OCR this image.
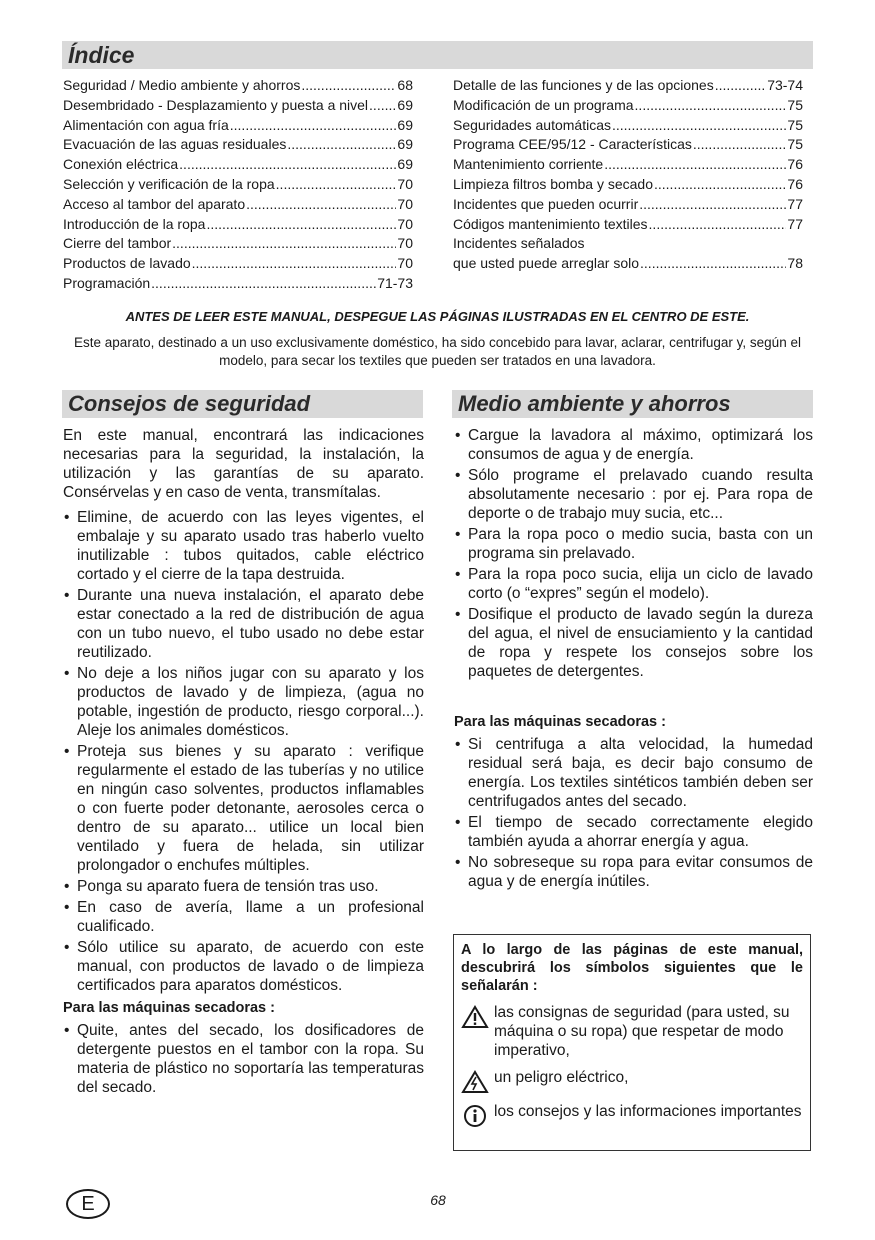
Índice
Seguridad / Medio ambiente y ahorros .....	68
Desembridado - Desplazamiento y puesta a nivel ..... 69
Alimentación con agua fría .....	69
Evacuación de las aguas residuales .....	69
Conexión eléctrica .....	69
Selección y verificación de la ropa .....	70
Acceso al tambor del aparato .....	70
Introducción de la ropa .....	70
Cierre del tambor .....	70
Productos de lavado .....	70
Programación .....	71-73
Detalle de las funciones y de las opciones .....	73-74
Modificación de un programa .....	75
Seguridades automáticas .....	75
Programa CEE/95/12 - Características .....	75
Mantenimiento corriente .....	76
Limpieza filtros bomba y secado .....	76
Incidentes que pueden ocurrir .....	77
Códigos mantenimiento textiles .....	77
Incidentes señalados
que usted puede arreglar solo .....	78
ANTES DE LEER ESTE MANUAL, DESPEGUE LAS PÁGINAS ILUSTRADAS EN EL CENTRO DE ESTE.
Este aparato, destinado a un uso exclusivamente doméstico, ha sido concebido para lavar, aclarar, centrifugar y, según el modelo, para secar los textiles que pueden ser tratados en una lavadora.
Consejos de seguridad	Medio ambiente y ahorros

En este manual, encontrará las indicaciones necesarias para la seguridad, la instalación, la utilización y las garantías de su aparato. Consérvelas y en caso de venta, transmítalas.

• Elimine, de acuerdo con las leyes vigentes, el embalaje y su aparato usado tras haberlo vuelto inutilizable : tubos quitados, cable eléctrico cortado y el cierre de la tapa destruida.
• Durante una nueva instalación, el aparato debe estar conectado a la red de distribución de agua con un tubo nuevo, el tubo usado no debe estar reutilizado.
• No deje a los niños jugar con su aparato y los productos de lavado y de limpieza, (agua no potable, ingestión de producto, riesgo corporal...). Aleje los animales domésticos.
• Proteja sus bienes y su aparato : verifique regularmente el estado de las tuberías y no utilice en ningún caso solventes, productos inflamables o con fuerte poder detonante, aerosoles cerca o dentro de su aparato... utilice un local bien ventilado y fuera de helada, sin utilizar prolongador o enchufes múltiples.
• Ponga su aparato fuera de tensión tras uso.
• En caso de avería, llame a un profesional cualificado.
• Sólo utilice su aparato, de acuerdo con este manual, con productos de lavado o de limpieza certificados para aparatos domésticos.
Para las máquinas secadoras :
• Quite, antes del secado, los dosificadores de detergente puestos en el tambor con la ropa. Su materia de plástico no soportaría las temperaturas del secado.
• Cargue la lavadora al máximo, optimizará los consumos de agua y de energía.
• Sólo programe el prelavado cuando resulta absolutamente necesario : por ej. Para ropa de deporte o de trabajo muy sucia, etc...
• Para la ropa poco o medio sucia, basta con un programa sin prelavado.
• Para la ropa poco sucia, elija un ciclo de lavado corto (o “expres” según el modelo).
• Dosifique el producto de lavado según la dureza del agua, el nivel de ensuciamiento y la cantidad de ropa y respete los consejos sobre los paquetes de detergentes.
Para las máquinas secadoras :
• Si centrifuga a alta velocidad, la humedad residual será baja, es decir bajo consumo de energía. Los textiles sintéticos también deben ser centrifugados antes del secado.
• El tiempo de secado correctamente elegido también ayuda a ahorrar energía y agua.
• No sobreseque su ropa para evitar consumos de agua y de energía inútiles.
A lo largo de las páginas de este manual, descubrirá los símbolos siguientes que le señalarán :
las consignas de seguridad (para usted, su máquina o su ropa) que respetar de modo imperativo,
un peligro eléctrico,
los consejos y las informaciones importantes
E	68
